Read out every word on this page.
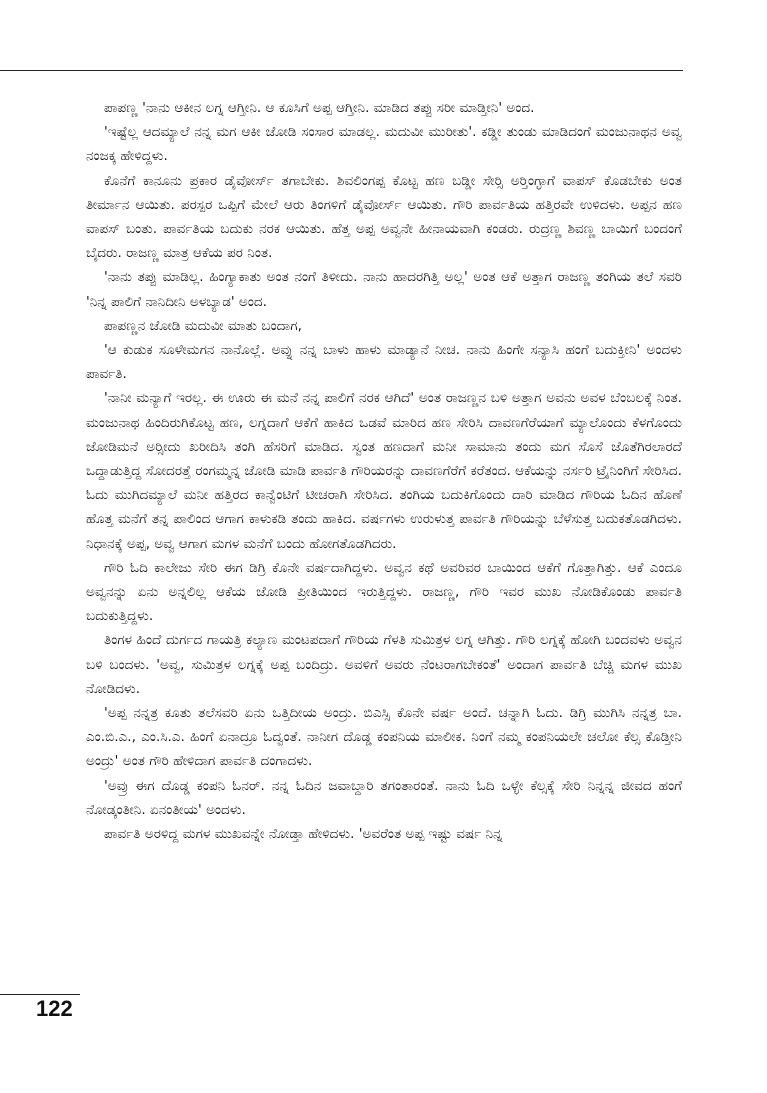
ಪಾಪಣ್ಣ 'ನಾನು ಆಕೀನ ಲಗ್ನ ಆಗ್ತೀನಿ. ಆ ಕೂಸಿಗೆ ಅಪ್ಪ ಆಗ್ತೀನಿ. ಮಾಡಿದ ತಪ್ಪು ಸರೀ ಮಾಡ್ತೀನಿ' ಅಂದ.

'ಇಷ್ಟೆಲ್ಲ ಆದಮ್ಯಾಲೆ ನನ್ನ ಮಗ ಆಕೀ ಜೋಡಿ ಸಂಸಾರ ಮಾಡಲ್ಲ. ಮದುವೀ ಮುರೀತು'. ಕಡ್ಡೀ ತುಂಡು ಮಾಡಿದಂಗೆ ಮಂಜುನಾಥನ ಅವ್ವ ನಂಜಕ್ಕ ಹೇಳಿದ್ದಳು.

ಕೊನೆಗೆ ಕಾನೂನು ಪ್ರಕಾರ ಡೈವೋರ್ಸ್ ತಗಾಬೇಕು. ಶಿವಲಿಂಗಪ್ಪ ಕೊಟ್ಟ ಹಣ ಬಡ್ಡೀ ಸೇರ್‍ಸಿ ಅರ್‍ತಿಂಗ್ಳಾಗೆ ವಾಪಸ್ ಕೊಡಬೇಕು ಅಂತ ತೀರ್ಮಾನ ಆಯಿತು. ಪರಸ್ಪರ ಒಪ್ಪಿಗೆ ಮೇಲೆ ಆರು ತಿಂಗಳಿಗೆ ಡೈವೋರ್ಸ್ ಆಯಿತು. ಗೌರಿ ಪಾರ್ವತಿಯ ಹತ್ತಿರವೇ ಉಳಿದಳು. ಅಪ್ಪನ ಹಣ ವಾಪಸ್ ಬಂತು. ಪಾರ್ವತಿಯ ಬದುಕು ನರಕ ಆಯಿತು. ಹೆತ್ತ ಅಪ್ಪ ಅವ್ವನೇ ಹೀನಾಯವಾಗಿ ಕಂಡರು. ರುದ್ರಣ್ಣ ಶಿವಣ್ಣ ಬಾಯಿಗೆ ಬಂದಂಗೆ ಬೈದರು. ರಾಜಣ್ಣ ಮಾತ್ರ ಆಕೆಯ ಪರ ನಿಂತ.

'ನಾನು ತಪ್ಪು ಮಾಡಿಲ್ಲ. ಹಿಂಗ್ಯಾಕಾತು ಅಂತ ನಂಗೆ ತಿಳೀದು. ನಾನು ಹಾದರಗಿತ್ತಿ ಅಲ್ಲ' ಅಂತ ಆಕೆ ಅತ್ತಾಗ ರಾಜಣ್ಣ ತಂಗಿಯ ತಲೆ ಸವರಿ 'ನಿನ್ನ ಪಾಲಿಗೆ ನಾನಿದೀನಿ ಅಳಬ್ಯಾಡ' ಅಂದ.

ಪಾಪಣ್ಣನ ಜೋಡಿ ಮದುವೀ ಮಾತು ಬಂದಾಗ,

'ಆ ಕುಡುಕ ಸೂಳೇಮಗನ ನಾನೊಲ್ಲೆ. ಅವ್ನು ನನ್ನ ಬಾಳು ಹಾಳು ಮಾಡ್ಯಾನೆ ನೀಚ. ನಾನು ಹಿಂಗೇ ಸನ್ಯಾಸಿ ಹಂಗೆ ಬದುಕ್ತೀನಿ' ಅಂದಳು ಪಾರ್ವತಿ.

'ನಾನೀ ಮನ್ಯಾಗೆ ಇರಲ್ಲ. ಈ ಊರು ಈ ಮನೆ ನನ್ನ ಪಾಲಿಗೆ ನರಕ ಆಗಿದೆ' ಅಂತ ರಾಜಣ್ಣನ ಬಳಿ ಅತ್ತಾಗ ಅವನು ಅವಳ ಬೆಂಬಲಕ್ಕೆ ನಿಂತ. ಮಂಜುನಾಥ ಹಿಂದಿರುಗಿಕೊಟ್ಟ ಹಣ, ಲಗ್ನದಾಗೆ ಆಕೆಗೆ ಹಾಕಿದ ಒಡವೆ ಮಾರಿದ ಹಣ ಸೇರಿಸಿ ದಾವಣಗೆರೆಯಾಗೆ ಮ್ಯಾಲೊಂದು ಕೆಳಗೊಂದು ಜೋಡಿಮನೆ ಅರ್‍ಸೀದು ಖರೀದಿಸಿ ತಂಗಿ ಹೆಸರಿಗೆ ಮಾಡಿದ. ಸ್ವಂತ ಹಣದಾಗೆ ಮನೀ ಸಾಮಾನು ತಂದು ಮಗ ಸೊಸೆ ಜೊತೆಗಿರಲಾರದೆ ಒದ್ದಾಡುತ್ತಿದ್ದ ಸೋದರತ್ತೆ ರಂಗಮ್ಮನ್ನ ಜೋಡಿ ಮಾಡಿ ಪಾರ್ವತಿ ಗೌರಿಯರನ್ನು ದಾವಣಗೆರೆಗೆ ಕರೆತಂದ. ಆಕೆಯನ್ನು ನರ್ಸರಿ ಟ್ರೈನಿಂಗಿಗೆ ಸೇರಿಸಿದ. ಓದು ಮುಗಿದಮ್ಯಾಲೆ ಮನೀ ಹತ್ತಿರದ ಕಾನ್ವೆಂಟಿಗೆ ಟೀಚರಾಗಿ ಸೇರಿಸಿದ. ತಂಗಿಯ ಬದುಕಿಗೊಂದು ದಾರಿ ಮಾಡಿದ ಗೌರಿಯ ಓದಿನ ಹೊಣೆ ಹೊತ್ತ ಮನೆಗೆ ತನ್ನ ಪಾಲಿಂದ ಆಗಾಗ ಕಾಳುಕಡಿ ತಂದು ಹಾಕಿದ. ವರ್ಷಗಳು ಉರುಳುತ್ತ ಪಾರ್ವತಿ ಗೌರಿಯನ್ನು ಬೆಳೆಸುತ್ತ ಬದುಕತೊಡಗಿದಳು. ನಿಧಾನಕ್ಕೆ ಅಪ್ಪ, ಅವ್ವ ಆಗಾಗ ಮಗಳ ಮನೆಗೆ ಬಂದು ಹೋಗತೊಡಗಿದರು.

ಗೌರಿ ಓದಿ ಕಾಲೇಜು ಸೇರಿ ಈಗ ಡಿಗ್ರಿ ಕೊನೇ ವರ್ಷದಾಗಿದ್ದಳು. ಅವ್ವನ ಕಥೆ ಅವರಿವರ ಬಾಯಿಂದ ಆಕೆಗೆ ಗೊತ್ತಾಗಿತ್ತು. ಆಕೆ ಎಂದೂ ಅವ್ವನನ್ನು ಏನು ಅನ್ನಲಿಲ್ಲ ಆಕೆಯ ಜೋಡಿ ಪ್ರೀತಿಯಿಂದ ಇರುತ್ತಿದ್ದಳು. ರಾಜಣ್ಣ, ಗೌರಿ ಇವರ ಮುಖ ನೋಡಿಕೊಂಡು ಪಾರ್ವತಿ ಬದುಕುತ್ತಿದ್ದಳು.

ತಿಂಗಳ ಹಿಂದೆ ದುರ್ಗದ ಗಾಯತ್ರಿ ಕಲ್ಯಾಣ ಮಂಟಪದಾಗೆ ಗೌರಿಯ ಗೆಳತಿ ಸುಮಿತ್ರಳ ಲಗ್ನ ಆಗಿತ್ತು. ಗೌರಿ ಲಗ್ನಕ್ಕೆ ಹೋಗಿ ಬಂದವಳು ಅವ್ವನ ಬಳಿ ಬಂದಳು. 'ಅವ್ವ, ಸುಮಿತ್ರಳ ಲಗ್ನಕ್ಕೆ ಅಪ್ಪ ಬಂದಿದ್ರು. ಅವಳಿಗೆ ಅವರು ನೆಂಟರಾಗಬೇಕಂತೆ' ಅಂದಾಗ ಪಾರ್ವತಿ ಬೆಚ್ಚಿ ಮಗಳ ಮುಖ ನೋಡಿದಳು.

'ಅಪ್ಪ ನನ್ನತ್ರ ಕೂತು ತಲೆಸವರಿ ಏನು ಒತ್ತಿದೀಯ ಅಂದ್ರು. ಬಿಎಸ್ಸಿ ಕೊನೇ ವರ್ಷ ಅಂದೆ. ಚನ್ನಾಗಿ ಓದು. ಡಿಗ್ರಿ ಮುಗಿಸಿ ನನ್ನತ್ರ ಬಾ. ಎಂ.ಬಿ.ಎ., ಎಂ.ಸಿ.ಎ. ಹಿಂಗೆ ಏನಾದ್ರೂ ಓದ್ವಂತೆ. ನಾನೀಗ ದೊಡ್ಡ ಕಂಪನಿಯ ಮಾಲೀಕ. ನಿಂಗೆ ನಮ್ಮ ಕಂಪನಿಯಲೇ ಚಲೋ ಕೆಲ್ಸ ಕೊಡ್ತೀನಿ ಅಂದ್ರು' ಅಂತ ಗೌರಿ ಹೇಳಿದಾಗ ಪಾರ್ವತಿ ದಂಗಾದಳು.

'ಅವ್ರು ಈಗ ದೊಡ್ಡ ಕಂಪನಿ ಓನರ್. ನನ್ನ ಓದಿನ ಜವಾಬ್ದಾರಿ ತಗಂತಾರಂತೆ. ನಾನು ಓದಿ ಒಳ್ಳೇ ಕೆಲ್ಸಕ್ಕೆ ಸೇರಿ ನಿನ್ನನ್ನ ಜೀವದ ಹಂಗೆ ನೋಡ್ಕಂತೀನಿ. ಏನಂತೀಯ' ಅಂದಳು.

ಪಾರ್ವತಿ ಅರಳಿದ್ದ ಮಗಳ ಮುಖವನ್ನೇ ನೋಡ್ತಾ ಹೇಳಿದಳು. 'ಅವರೆಂತ ಅಪ್ಪ ಇಷ್ಟು ವರ್ಷ ನಿನ್ನ

122
